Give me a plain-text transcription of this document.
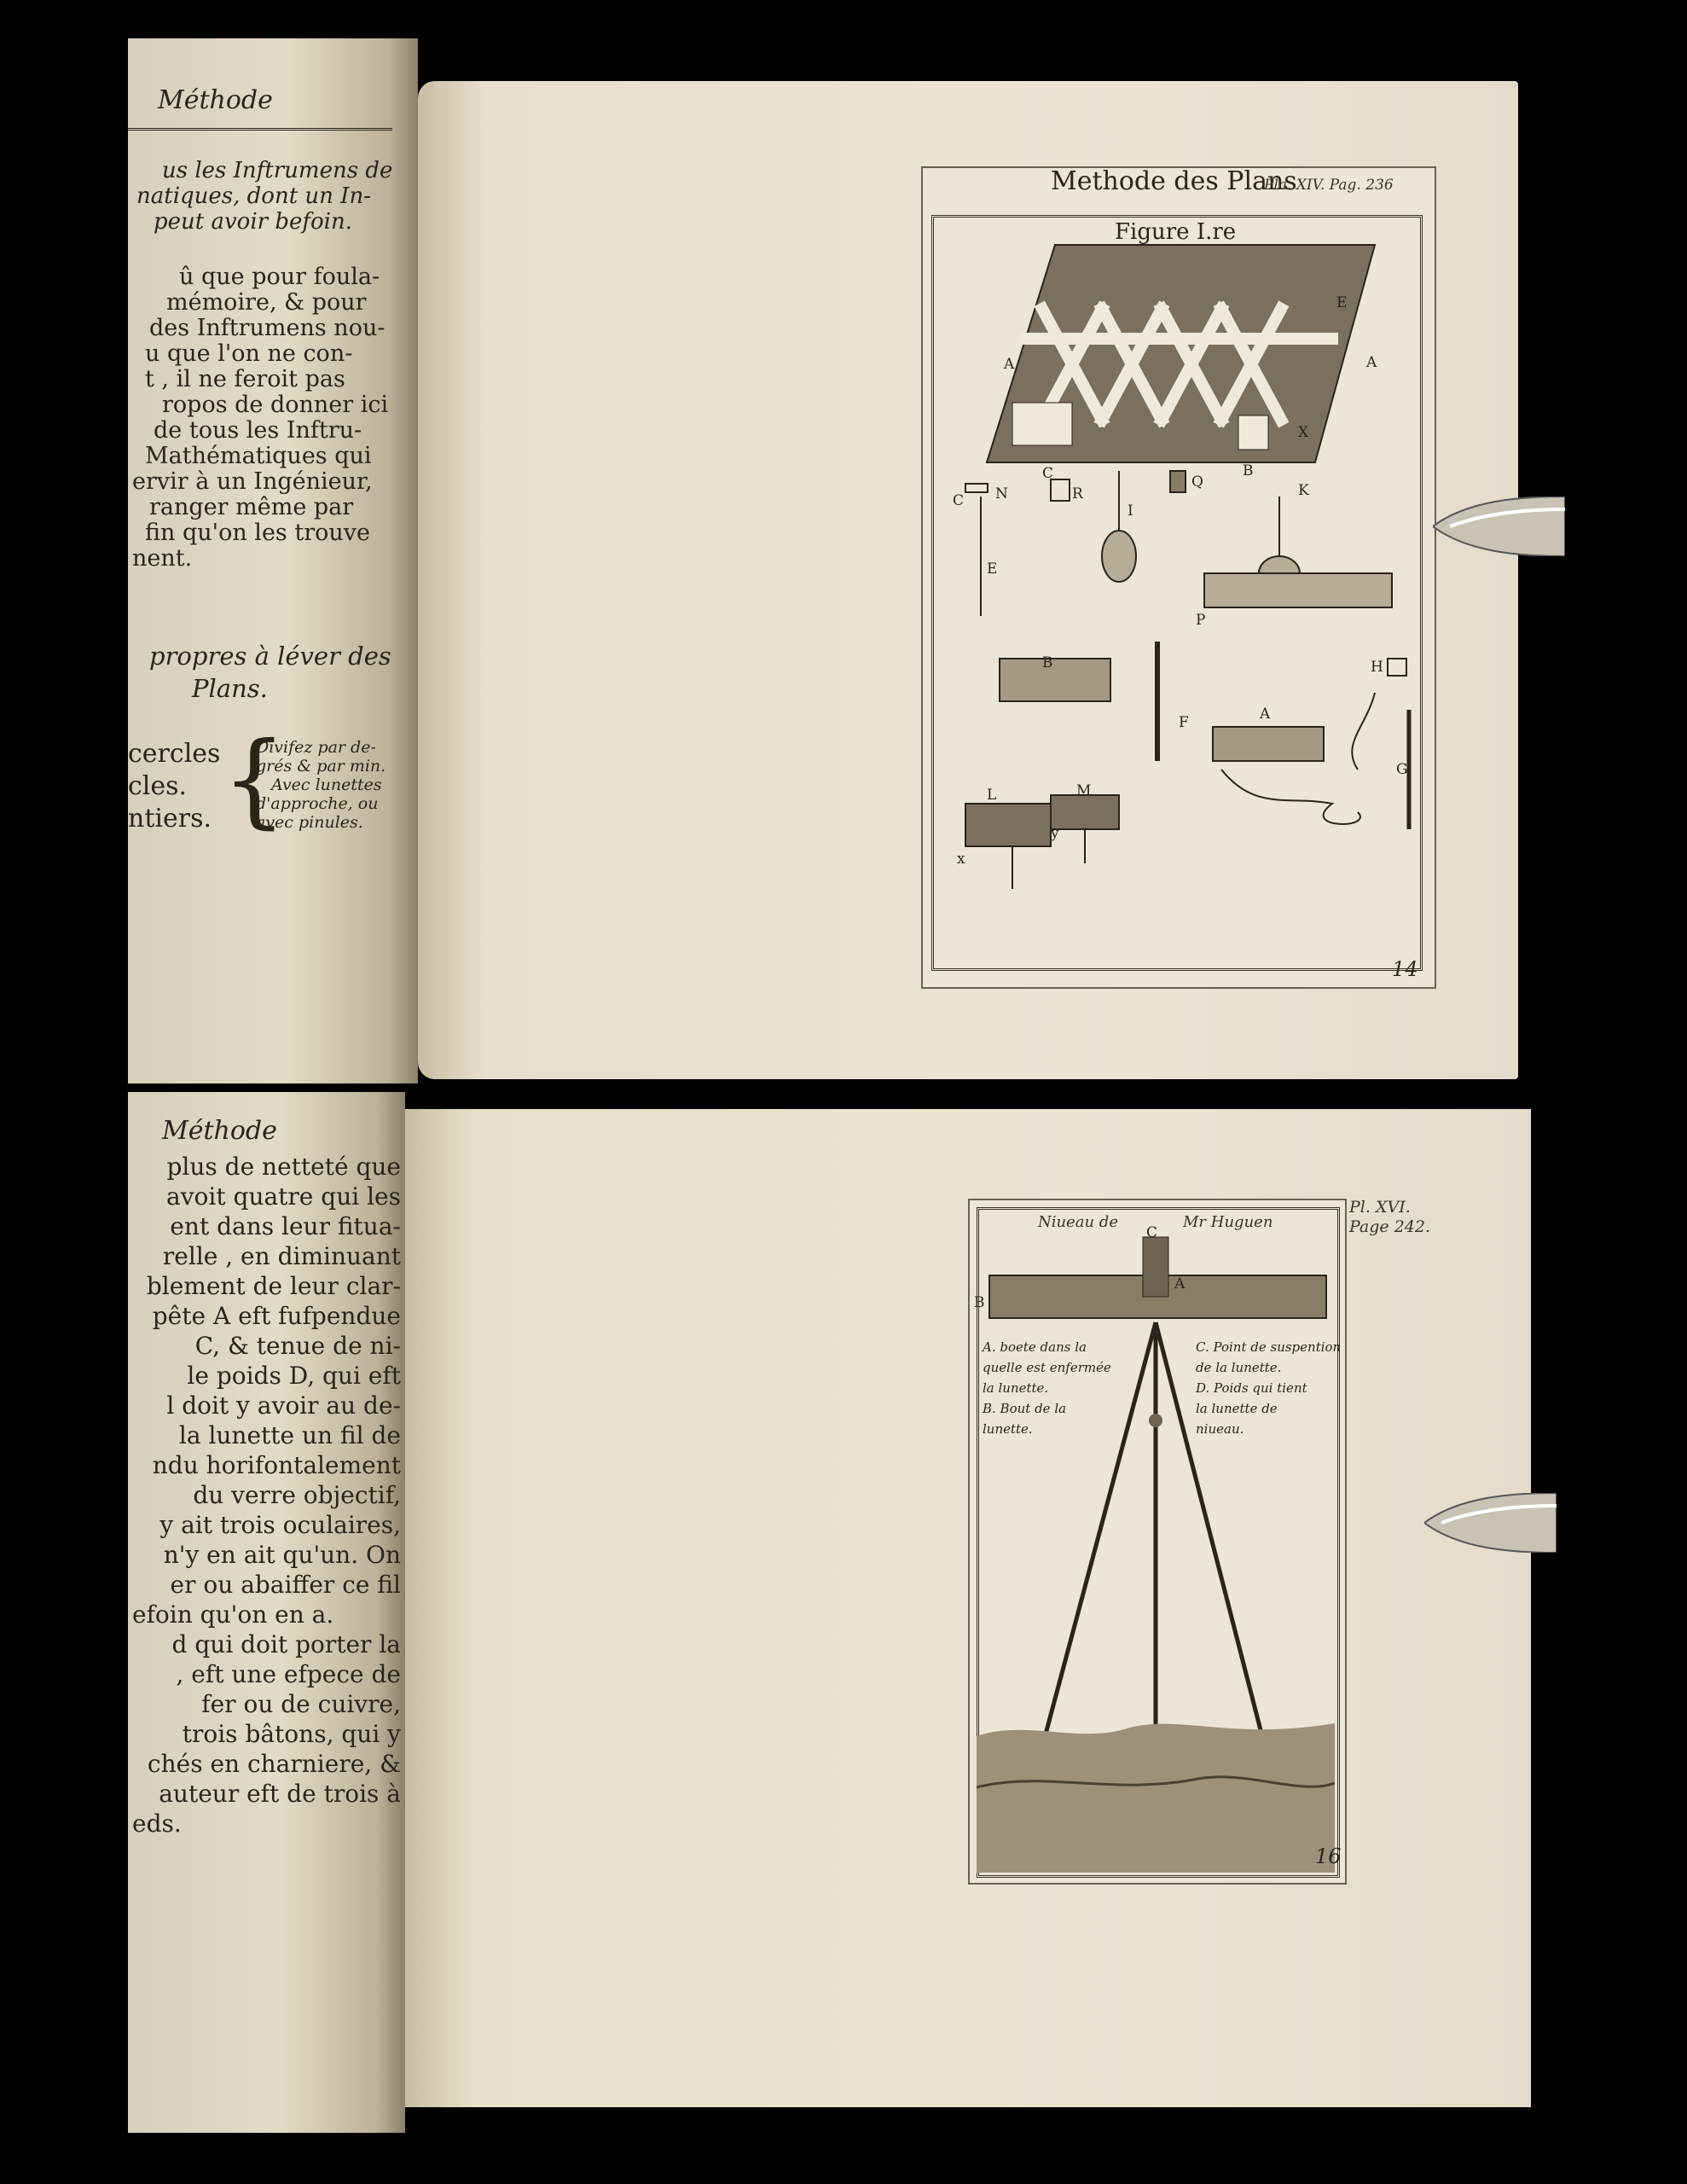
Méthode
us les Inftrumens de
natiques, dont un In-
peut avoir befoin.
û que pour foula-
mémoire, & pour
des Inftrumens nou-
u que l'on ne con-
t , il ne feroit pas
ropos de donner ici
de tous les Inftru-
Mathématiques qui
ervir à un Ingénieur,
ranger même par
fin qu'on les trouve
nent.
propres à léver des
Plans.
cercles
cles.
ntiers. {
Divifez par de-
grés & par min.
Avec lunettes
d'approche, ou
avec pinules.
Methode des Plans
Pla. XIV. Pag. 236
Figure I.re
A	A
E
C	B
X
C N	R
I
Q	K
E
P
B
F
H
A
G
L	M
y
x
14
Méthode
plus de netteté que
avoit quatre qui les
ent dans leur fitua-
relle , en diminuant
blement de leur clar-
pête A eft fufpendue
C, & tenue de ni-
le poids D, qui eft
l doit y avoir au de-
la lunette un fil de
ndu horifontalement
du verre objectif,
y ait trois oculaires,
n'y en ait qu'un. On
er ou abaiffer ce fil
efoin qu'on en a.
d qui doit porter la
, eft une efpece de
fer ou de cuivre,
trois bâtons, qui y
chés en charniere, &
auteur eft de trois à
eds.
Niueau de	Mr Huguen
Pl. XVI.
Page 242.
C
A
B
A. boete dans la
quelle est enfermée
la lunette.
B. Bout de la
lunette.
C. Point de suspention
de la lunette.
D. Poids qui tient
la lunette de
niueau.
16
